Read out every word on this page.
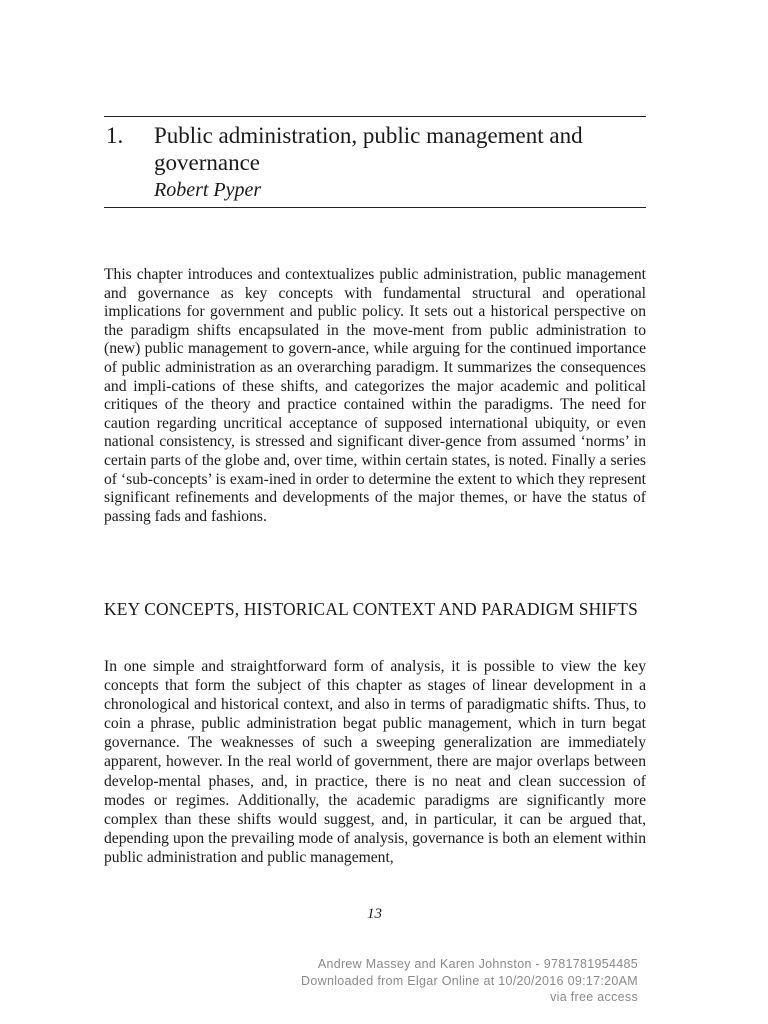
1. Public administration, public management and governance
Robert Pyper

This chapter introduces and contextualizes public administration, public management and governance as key concepts with fundamental structural and operational implications for government and public policy. It sets out a historical perspective on the paradigm shifts encapsulated in the move-ment from public administration to (new) public management to govern-ance, while arguing for the continued importance of public administration as an overarching paradigm. It summarizes the consequences and impli-cations of these shifts, and categorizes the major academic and political critiques of the theory and practice contained within the paradigms. The need for caution regarding uncritical acceptance of supposed international ubiquity, or even national consistency, is stressed and significant diver-gence from assumed ‘norms’ in certain parts of the globe and, over time, within certain states, is noted. Finally a series of ‘sub-concepts’ is exam-ined in order to determine the extent to which they represent significant refinements and developments of the major themes, or have the status of passing fads and fashions.

KEY CONCEPTS, HISTORICAL CONTEXT AND PARADIGM SHIFTS

In one simple and straightforward form of analysis, it is possible to view the key concepts that form the subject of this chapter as stages of linear development in a chronological and historical context, and also in terms of paradigmatic shifts. Thus, to coin a phrase, public administration begat public management, which in turn begat governance. The weaknesses of such a sweeping generalization are immediately apparent, however. In the real world of government, there are major overlaps between develop-mental phases, and, in practice, there is no neat and clean succession of modes or regimes. Additionally, the academic paradigms are significantly more complex than these shifts would suggest, and, in particular, it can be argued that, depending upon the prevailing mode of analysis, governance is both an element within public administration and public management,

13
Andrew Massey and Karen Johnston - 9781781954485
Downloaded from Elgar Online at 10/20/2016 09:17:20AM
via free access
